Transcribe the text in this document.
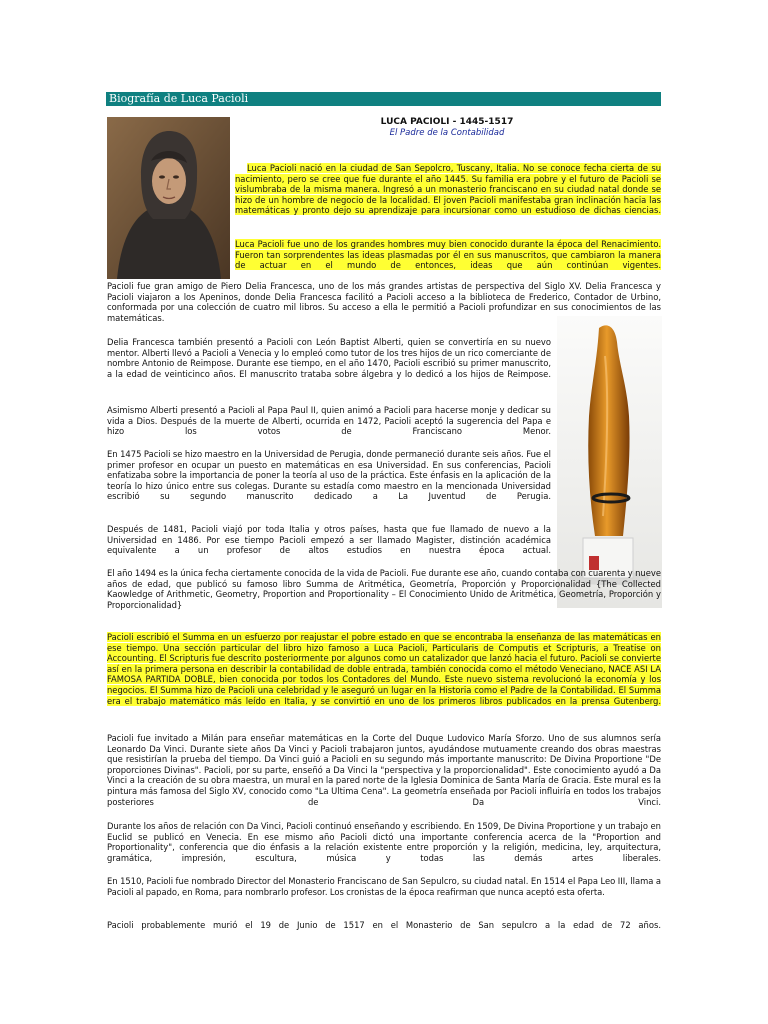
Biografía de Luca Pacioli
LUCA PACIOLI - 1445-1517
El Padre de la Contabilidad

Luca Pacioli nació en la ciudad de San Sepolcro, Tuscany, Italia. No se conoce fecha cierta de su nacimiento, pero se cree que fue durante el año 1445. Su familia era pobre y el futuro de Pacioli se vislumbraba de la misma manera. Ingresó a un monasterio franciscano en su ciudad natal donde se hizo de un hombre de negocio de la localidad. El joven Pacioli manifestaba gran inclinación hacia las matemáticas y pronto dejo su aprendizaje para incursionar como un estudioso de dichas ciencias.

Luca Pacioli fue uno de los grandes hombres muy bien conocido durante la época del Renacimiento. Fueron tan sorprendentes las ideas plasmadas por él en sus manuscritos, que cambiaron la manera de actuar en el mundo de entonces, ideas que aún continúan vigentes.

Pacioli fue gran amigo de Piero Delia Francesca, uno de los más grandes artistas de perspectiva del Siglo XV. Delia Francesca y Pacioli viajaron a los Apeninos, donde Delia Francesca facilitó a Pacioli acceso a la biblioteca de Frederico, Contador de Urbino, conformada por una colección de cuatro mil libros. Su acceso a ella le permitió a Pacioli profundizar en sus conocimientos de las matemáticas.

Delia Francesca también presentó a Pacioli con León Baptist Alberti, quien se convertiría en su nuevo mentor. Alberti llevó a Pacioli a Venecia y lo empleó como tutor de los tres hijos de un rico comerciante de nombre Antonio de Reimpose. Durante ese tiempo, en el año 1470, Pacioli escribió su primer manuscrito, a la edad de veinticinco años. El manuscrito trataba sobre álgebra y lo dedicó a los hijos de Reimpose.

Asimismo Alberti presentó a Pacioli al Papa Paul II, quien animó a Pacioli para hacerse monje y dedicar su vida a Dios. Después de la muerte de Alberti, ocurrida en 1472, Pacioli aceptó la sugerencia del Papa e hizo los votos de Franciscano Menor.

En 1475 Pacioli se hizo maestro en la Universidad de Perugia, donde permaneció durante seis años. Fue el primer profesor en ocupar un puesto en matemáticas en esa Universidad. En sus conferencias, Pacioli enfatizaba sobre la importancia de poner la teoría al uso de la práctica. Este énfasis en la aplicación de la teoría lo hizo único entre sus colegas. Durante su estadía como maestro en la mencionada Universidad escribió su segundo manuscrito dedicado a La Juventud de Perugia.

Después de 1481, Pacioli viajó por toda Italia y otros países, hasta que fue llamado de nuevo a la Universidad en 1486. Por ese tiempo Pacioli empezó a ser llamado Magister, distinción académica equivalente a un profesor de altos estudios en nuestra época actual.

El año 1494 es la única fecha ciertamente conocida de la vida de Pacioli. Fue durante ese año, cuando contaba con cuarenta y nueve años de edad, que publicó su famoso libro Summa de Aritmética, Geometría, Proporción y Proporcionalidad {The Collected Kaowledge of Arithmetic, Geometry, Proportion and Proportionality – El Conocimiento Unido de Aritmética, Geometría, Proporción y Proporcionalidad}

Pacioli escribió el Summa en un esfuerzo por reajustar el pobre estado en que se encontraba la enseñanza de las matemáticas en ese tiempo. Una sección particular del libro hizo famoso a Luca Pacioli, Particularis de Computis et Scripturis, a Treatise on Accounting. El Scripturis fue descrito posteriormente por algunos como un catalizador que lanzó hacia el futuro. Pacioli se convierte así en la primera persona en describir la contabilidad de doble entrada, también conocida como el método Veneciano, NACE ASI LA FAMOSA PARTIDA DOBLE, bien conocida por todos los Contadores del Mundo. Este nuevo sistema revolucionó la economía y los negocios. El Summa hizo de Pacioli una celebridad y le aseguró un lugar en la Historia como el Padre de la Contabilidad. El Summa era el trabajo matemático más leído en Italia, y se convirtió en uno de los primeros libros publicados en la prensa Gutenberg.

Pacioli fue invitado a Milán para enseñar matemáticas en la Corte del Duque Ludovico María Sforzo. Uno de sus alumnos sería Leonardo Da Vinci. Durante siete años Da Vinci y Pacioli trabajaron juntos, ayudándose mutuamente creando dos obras maestras que resistirían la prueba del tiempo. Da Vinci guió a Pacioli en su segundo más importante manuscrito: De Divina Proportione "De proporciones Divinas". Pacioli, por su parte, enseñó a Da Vinci la "perspectiva y la proporcionalidad". Este conocimiento ayudó a Da Vinci a la creación de su obra maestra, un mural en la pared norte de la Iglesia Dominica de Santa María de Gracia. Este mural es la pintura más famosa del Siglo XV, conocido como "La Ultima Cena". La geometría enseñada por Pacioli influiría en todos los trabajos posteriores de Da Vinci.

Durante los años de relación con Da Vinci, Pacioli continuó enseñando y escribiendo. En 1509, De Divina Proportione y un trabajo en Euclid se publicó en Venecia. En ese mismo año Pacioli dictó una importante conferencia acerca de la "Proportion and Proportionality", conferencia que dio énfasis a la relación existente entre proporción y la religión, medicina, ley, arquitectura, gramática, impresión, escultura, música y todas las demás artes liberales.

En 1510, Pacioli fue nombrado Director del Monasterio Franciscano de San Sepulcro, su ciudad natal. En 1514 el Papa Leo III, llama a Pacioli al papado, en Roma, para nombrarlo profesor. Los cronistas de la época reafirman que nunca aceptó esta oferta.

Pacioli probablemente murió el 19 de Junio de 1517 en el Monasterio de San sepulcro a la edad de 72 años.
